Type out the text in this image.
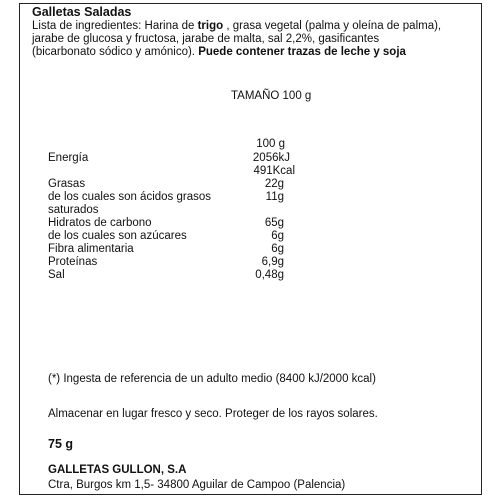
Galletas Saladas
Lista de ingredientes: Harina de trigo , grasa vegetal (palma y oleína de palma),
jarabe de glucosa y fructosa, jarabe de malta, sal 2,2%, gasificantes
(bicarbonato sódico y amónico). Puede contener trazas de leche y soja
TAMAÑO 100 g
100 g
Energía	2056kJ
491Kcal
Grasas	22g
de los cuales son ácidos grasos	11g
saturados
Hidratos de carbono	65g
de los cuales son azúcares	6g
Fibra alimentaria	6g
Proteínas	6,9g
Sal	0,48g
(*) Ingesta de referencia de un adulto medio (8400 kJ/2000 kcal)
Almacenar en lugar fresco y seco. Proteger de los rayos solares.
75 g
GALLETAS GULLON, S.A
Ctra, Burgos km 1,5- 34800 Aguilar de Campoo (Palencia)
